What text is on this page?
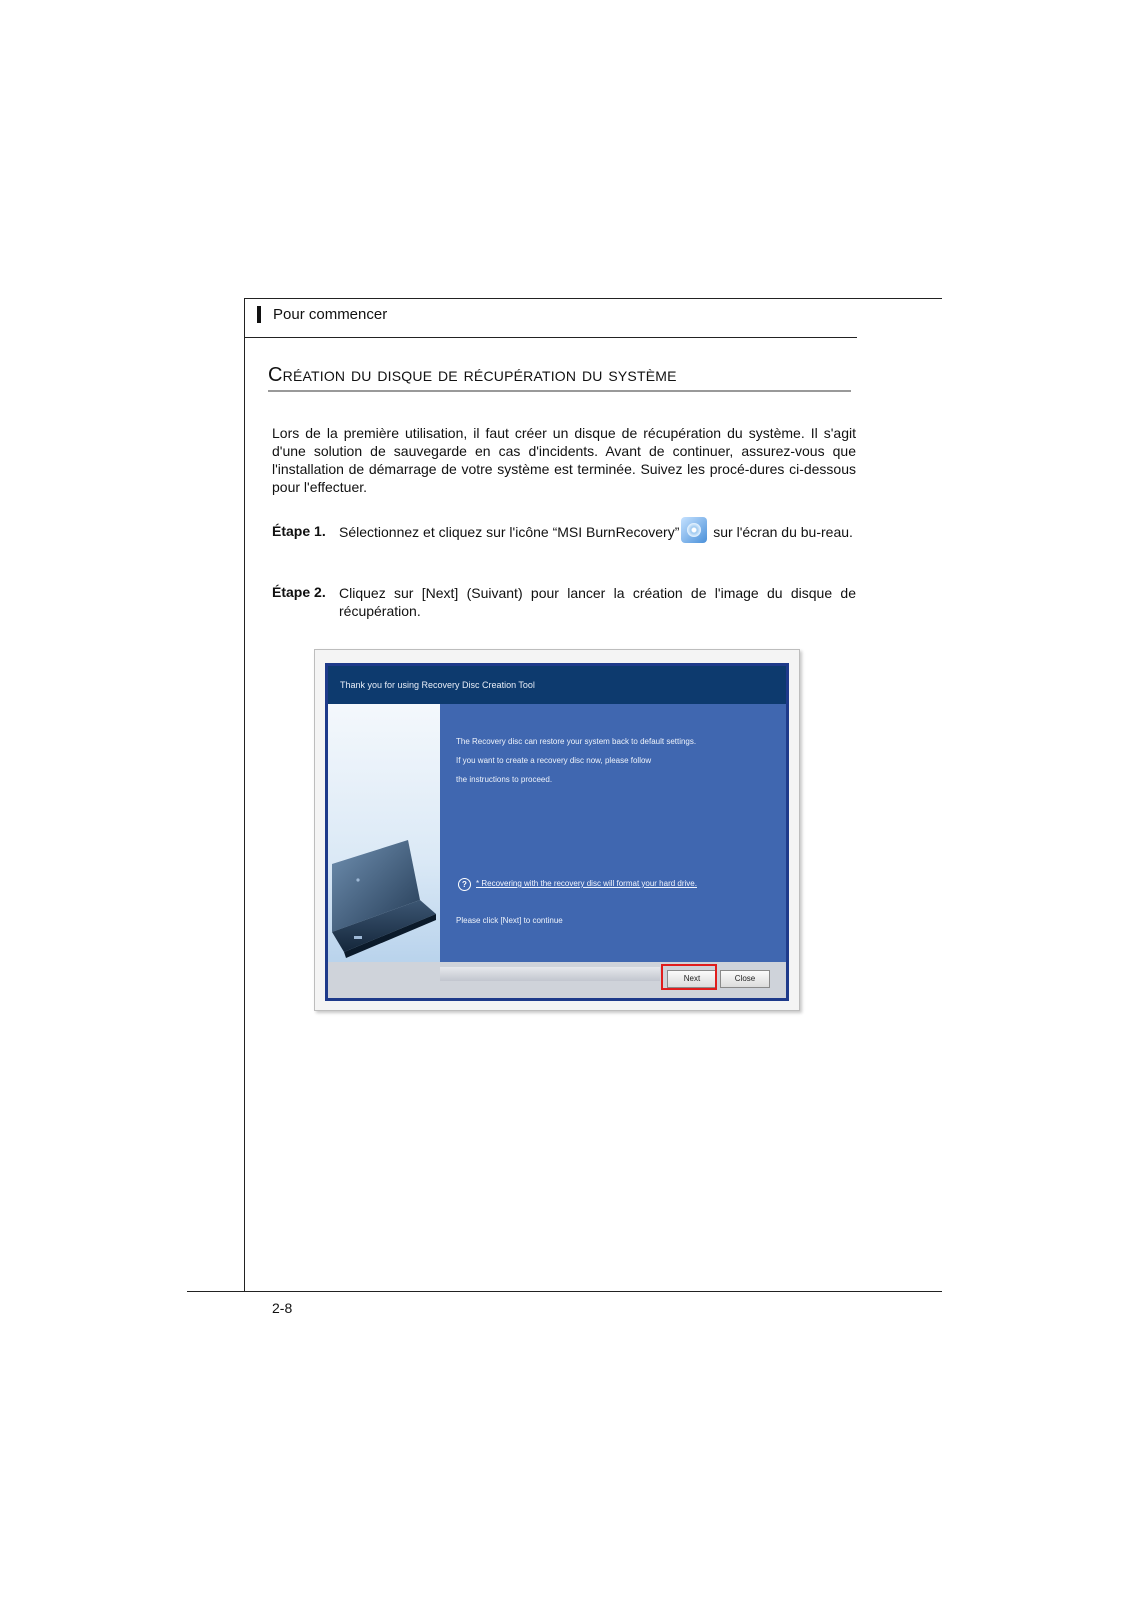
Pour commencer
Création du disque de récupération du système
Lors de la première utilisation, il faut créer un disque de récupération du système. Il s'agit d'une solution de sauvegarde en cas d'incidents. Avant de continuer, assurez-vous que l'installation de démarrage de votre système est terminée. Suivez les procé-dures ci-dessous pour l'effectuer.
Étape 1. Sélectionnez et cliquez sur l'icône “MSI BurnRecovery” sur l'écran du bu-reau.
Étape 2. Cliquez sur [Next] (Suivant) pour lancer la création de l'image du disque de récupération.
Thank you for using Recovery Disc Creation Tool
The Recovery disc can restore your system back to default settings.
If you want to create a recovery disc now, please follow
the instructions to proceed.
?	* Recovering with the recovery disc will format your hard drive.
Please click [Next] to continue
Next	Close
2-8
